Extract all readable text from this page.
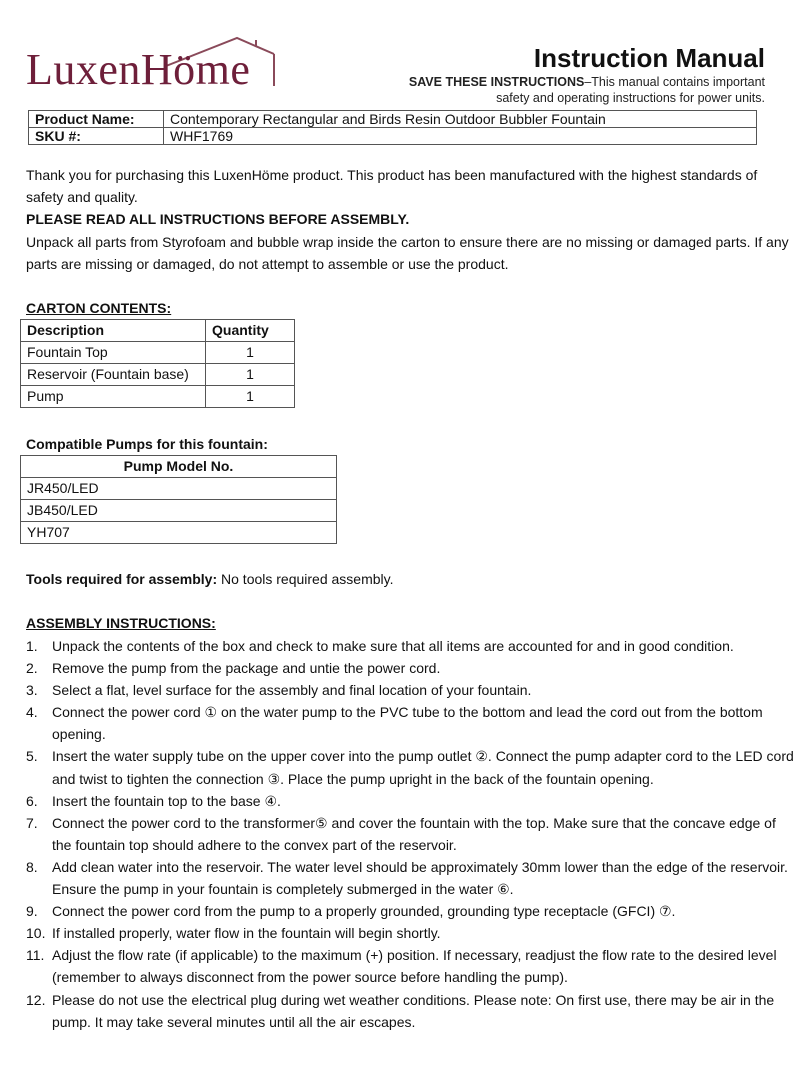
LuxenHöme	Instruction Manual
SAVE THESE INSTRUCTIONS–This manual contains important
safety and operating instructions for power units.
Product Name:	Contemporary Rectangular and Birds Resin Outdoor Bubbler Fountain
SKU #:	WHF1769
Thank you for purchasing this LuxenHöme product. This product has been manufactured with the highest standards of safety and quality.
PLEASE READ ALL INSTRUCTIONS BEFORE ASSEMBLY.
Unpack all parts from Styrofoam and bubble wrap inside the carton to ensure there are no missing or damaged parts. If any parts are missing or damaged, do not attempt to assemble or use the product.
CARTON CONTENTS:
Description	Quantity
Fountain Top	1
Reservoir (Fountain base)	1
Pump	1
Compatible Pumps for this fountain:
Pump Model No.
JR450/LED
JB450/LED
YH707
Tools required for assembly: No tools required assembly.
ASSEMBLY INSTRUCTIONS:
1. Unpack the contents of the box and check to make sure that all items are accounted for and in good condition.
2. Remove the pump from the package and untie the power cord.
3. Select a flat, level surface for the assembly and final location of your fountain.
4. Connect the power cord ① on the water pump to the PVC tube to the bottom and lead the cord out from the bottom opening.
5. Insert the water supply tube on the upper cover into the pump outlet ②. Connect the pump adapter cord to the LED cord and twist to tighten the connection ③. Place the pump upright in the back of the fountain opening.
6. Insert the fountain top to the base ④.
7. Connect the power cord to the transformer⑤ and cover the fountain with the top. Make sure that the concave edge of the fountain top should adhere to the convex part of the reservoir.
8. Add clean water into the reservoir. The water level should be approximately 30mm lower than the edge of the reservoir. Ensure the pump in your fountain is completely submerged in the water ⑥.
9. Connect the power cord from the pump to a properly grounded, grounding type receptacle (GFCI) ⑦.
10. If installed properly, water flow in the fountain will begin shortly.
11. Adjust the flow rate (if applicable) to the maximum (+) position. If necessary, readjust the flow rate to the desired level (remember to always disconnect from the power source before handling the pump).
12. Please do not use the electrical plug during wet weather conditions. Please note: On first use, there may be air in the pump. It may take several minutes until all the air escapes.
